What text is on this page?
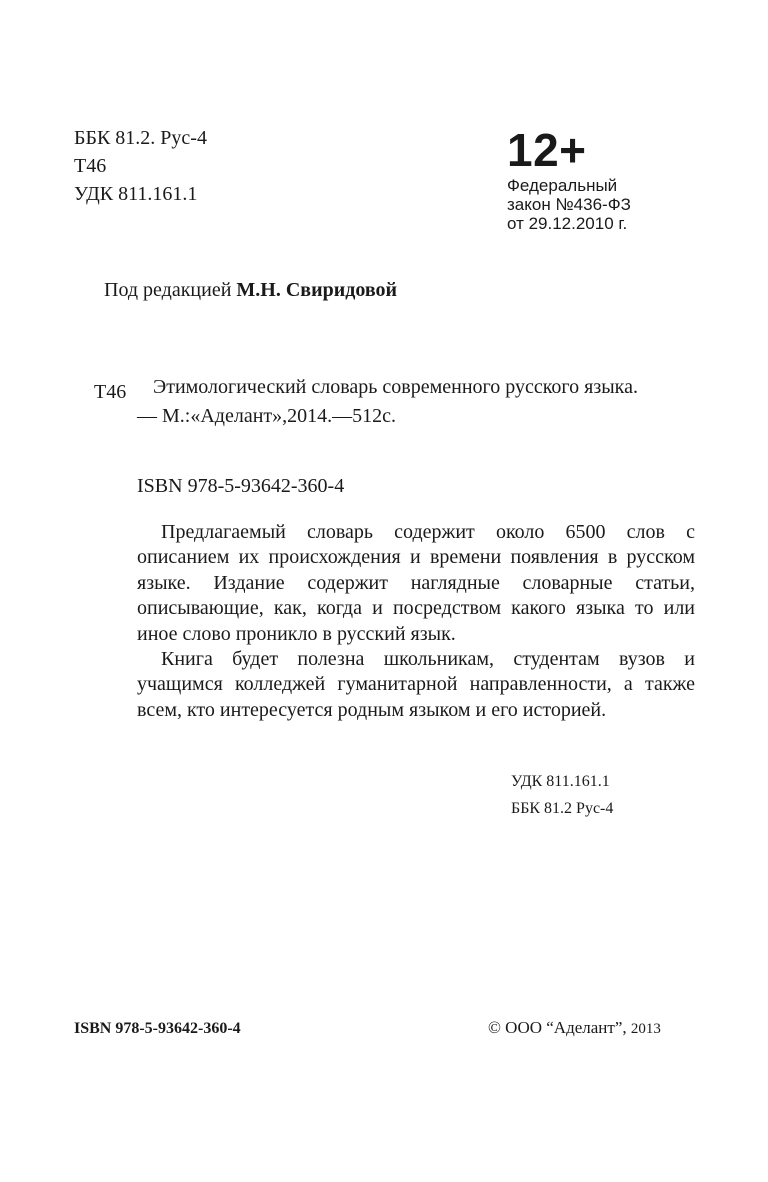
ББК 81.2. Рус-4
Т46
УДК 811.161.1
12+
Федеральный
закон №436-ФЗ
от 29.12.2010 г.
Под редакцией М.Н. Свиридовой
Т46	Этимологический словарь современного русского языка.
— М.:«Аделант»,2014.—512с.
ISBN 978-5-93642-360-4

Предлагаемый словарь содержит около 6500 слов с описанием их происхождения и времени появления в русском языке. Издание содержит наглядные словарные статьи, описывающие, как, когда и посредством какого языка то или иное слово проникло в русский язык.

Книга будет полезна школьникам, студентам вузов и учащимся колледжей гуманитарной направленности, а также всем, кто интересуется родным языком и его историей.

УДК 811.161.1
ББК 81.2 Рус-4
ISBN 978-5-93642-360-4	© ООО “Аделант”, 2013
